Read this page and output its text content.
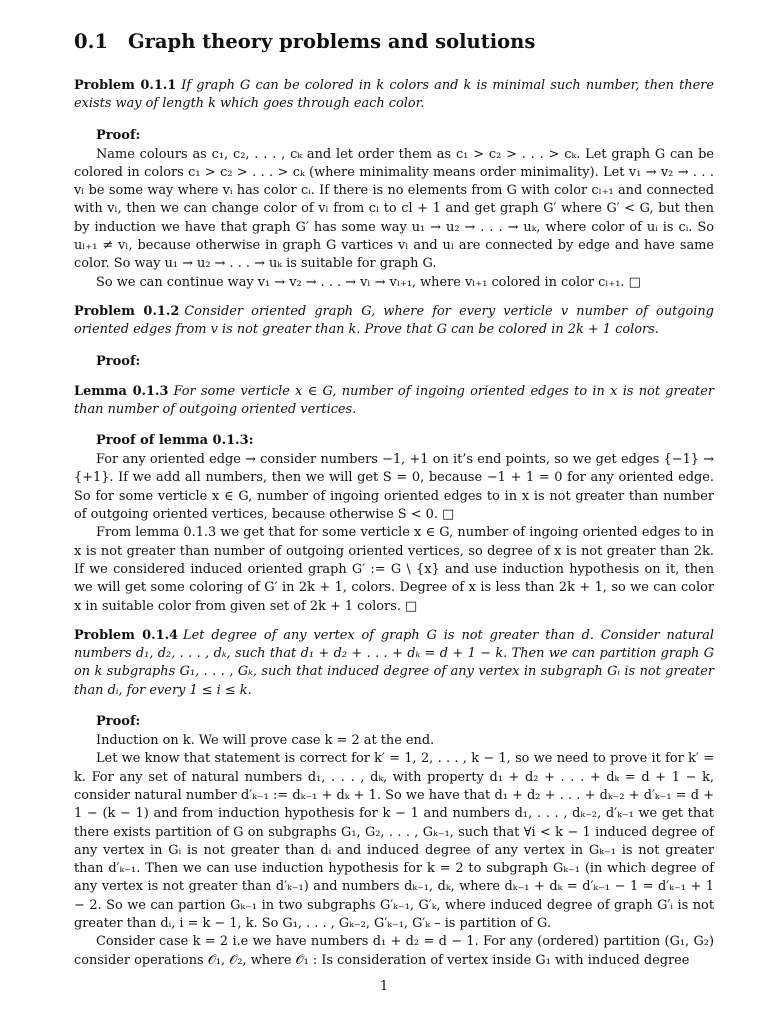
0.1 Graph theory problems and solutions

Problem 0.1.1 If graph G can be colored in k colors and k is minimal such number, then there exists way of length k which goes through each color.

Proof:

Name colours as c₁, c₂, . . . , cₖ and let order them as c₁ > c₂ > . . . > cₖ. Let graph G can be colored in colors c₁ > c₂ > . . . > cₖ (where minimality means order minimality). Let v₁ → v₂ → . . . vₗ be some way where vᵢ has color cᵢ. If there is no elements from G with color cₗ₊₁ and connected with vₗ, then we can change color of vₗ from cₗ to cl + 1 and get graph G′ where G′ < G, but then by induction we have that graph G′ has some way u₁ → u₂ → . . . → uₖ, where color of uᵢ is cᵢ. So uₗ₊₁ ≠ vₗ, because otherwise in graph G vartices vₗ and uₗ are connected by edge and have same color. So way u₁ → u₂ → . . . → uₖ is suitable for graph G.

So we can continue way v₁ → v₂ → . . . → vₗ → vₗ₊₁, where vₗ₊₁ colored in color cₗ₊₁. □

Problem 0.1.2 Consider oriented graph G, where for every verticle v number of outgoing oriented edges from v is not greater than k. Prove that G can be colored in 2k + 1 colors.

Proof:

Lemma 0.1.3 For some verticle x ∈ G, number of ingoing oriented edges to in x is not greater than number of outgoing oriented vertices.

Proof of lemma 0.1.3:

For any oriented edge → consider numbers −1, +1 on it’s end points, so we get edges {−1} → {+1}. If we add all numbers, then we will get S = 0, because −1 + 1 = 0 for any oriented edge. So for some verticle x ∈ G, number of ingoing oriented edges to in x is not greater than number of outgoing oriented vertices, because otherwise S < 0. □

From lemma 0.1.3 we get that for some verticle x ∈ G, number of ingoing oriented edges to in x is not greater than number of outgoing oriented vertices, so degree of x is not greater than 2k. If we considered induced oriented graph G′ := G \ {x} and use induction hypothesis on it, then we will get some coloring of G′ in 2k + 1, colors. Degree of x is less than 2k + 1, so we can color x in suitable color from given set of 2k + 1 colors. □

Problem 0.1.4 Let degree of any vertex of graph G is not greater than d. Consider natural numbers d₁, d₂, . . . , dₖ, such that d₁ + d₂ + . . . + dₖ = d + 1 − k. Then we can partition graph G on k subgraphs G₁, . . . , Gₖ, such that induced degree of any vertex in subgraph Gᵢ is not greater than dᵢ, for every 1 ≤ i ≤ k.

Proof:

Induction on k. We will prove case k = 2 at the end.

Let we know that statement is correct for k′ = 1, 2, . . . , k − 1, so we need to prove it for k′ = k. For any set of natural numbers d₁, . . . , dₖ, with property d₁ + d₂ + . . . + dₖ = d + 1 − k, consider natural number d′ₖ₋₁ := dₖ₋₁ + dₖ + 1. So we have that d₁ + d₂ + . . . + dₖ₋₂ + d′ₖ₋₁ = d + 1 − (k − 1) and from induction hypothesis for k − 1 and numbers d₁, . . . , dₖ₋₂, d′ₖ₋₁ we get that there exists partition of G on subgraphs G₁, G₂, . . . , Gₖ₋₁, such that ∀i < k − 1 induced degree of any vertex in Gᵢ is not greater than dᵢ and induced degree of any vertex in Gₖ₋₁ is not greater than d′ₖ₋₁. Then we can use induction hypothesis for k = 2 to subgraph Gₖ₋₁ (in which degree of any vertex is not greater than d′ₖ₋₁) and numbers dₖ₋₁, dₖ, where dₖ₋₁ + dₖ = d′ₖ₋₁ − 1 = d′ₖ₋₁ + 1 − 2. So we can partion Gₖ₋₁ in two subgraphs G′ₖ₋₁, G′ₖ, where induced degree of graph G′ᵢ is not greater than dᵢ, i = k − 1, k. So G₁, . . . , Gₖ₋₂, G′ₖ₋₁, G′ₖ – is partition of G.

Consider case k = 2 i.e we have numbers d₁ + d₂ = d − 1. For any (ordered) partition (G₁, G₂) consider operations 𝒪₁, 𝒪₂, where 𝒪₁ : Is consideration of vertex inside G₁ with induced degree

1
